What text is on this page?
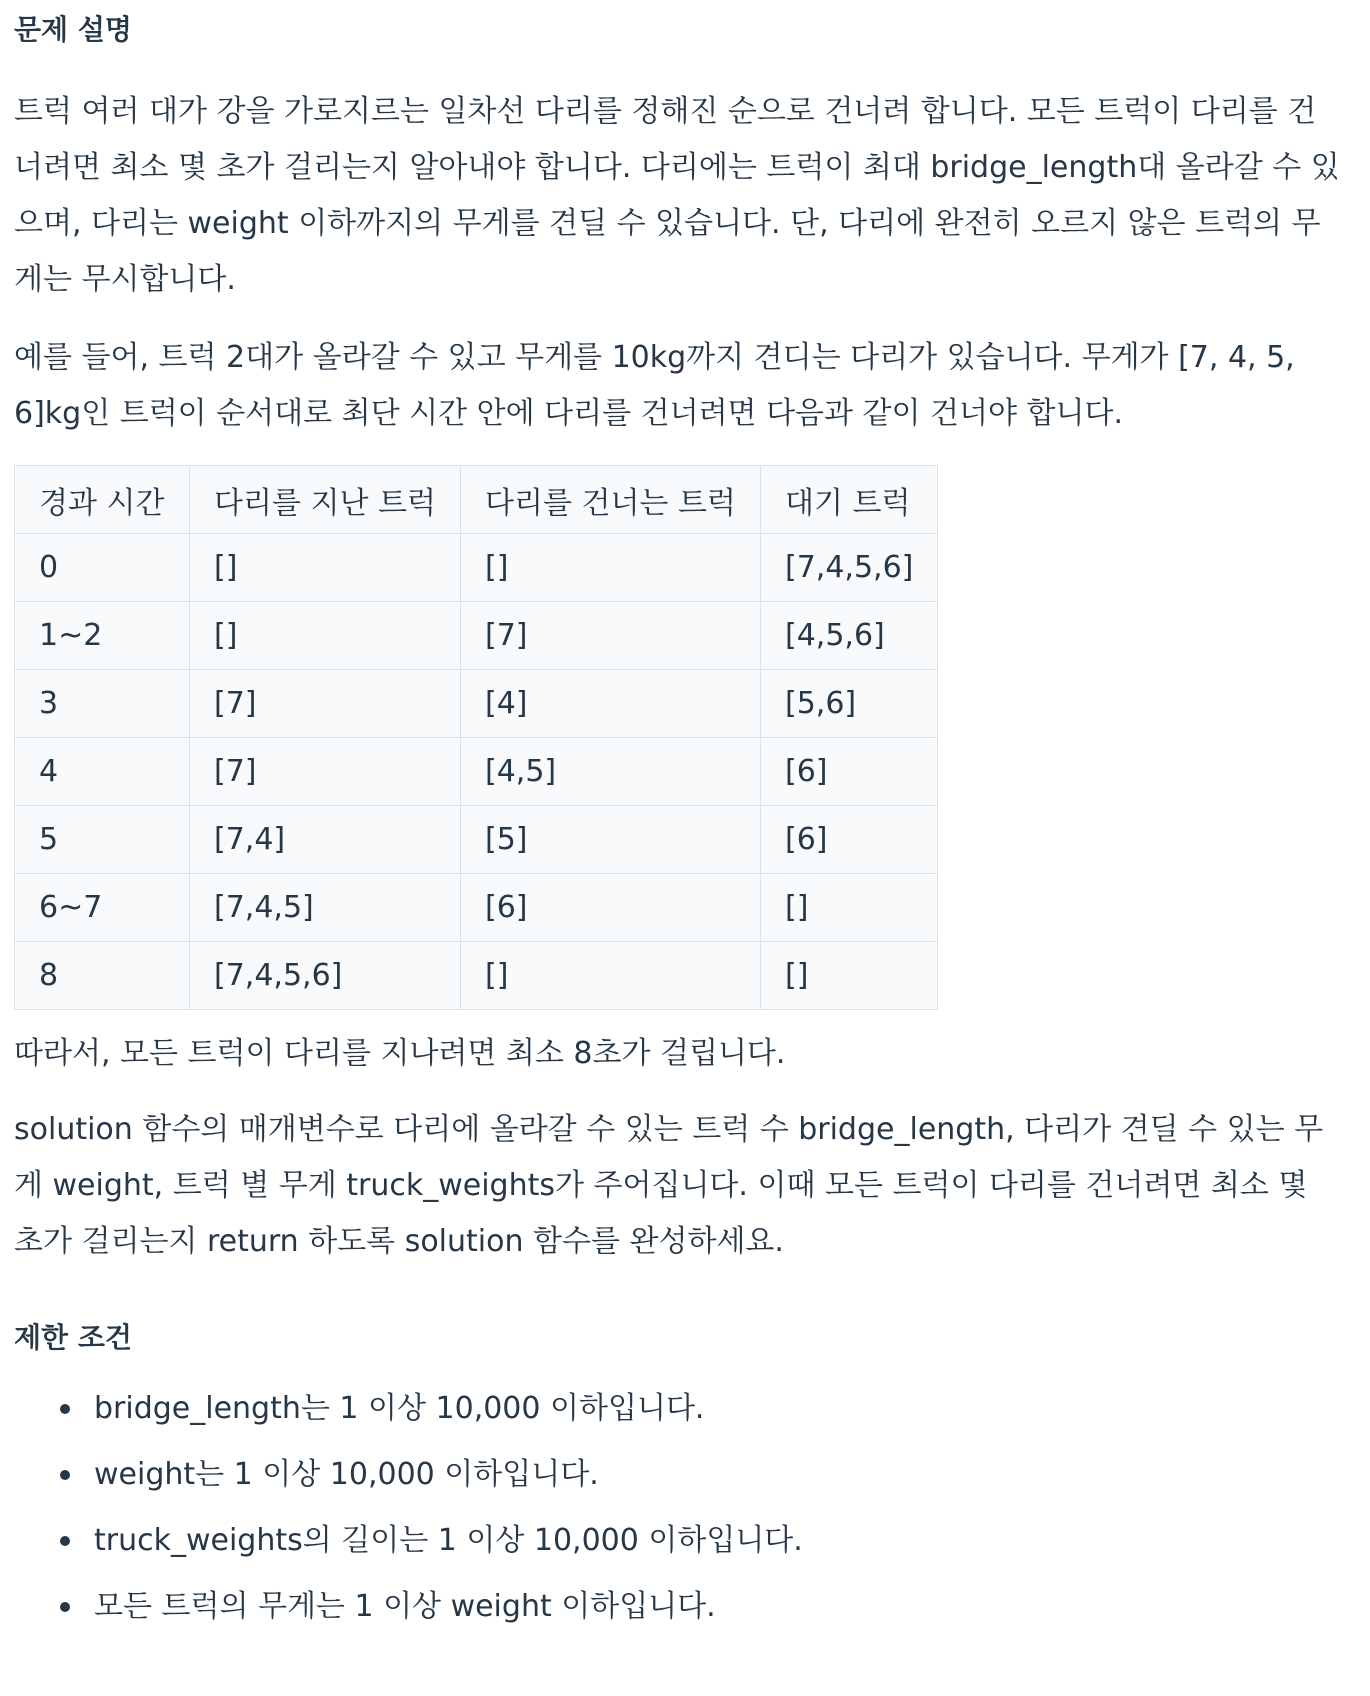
문제 설명

트럭 여러 대가 강을 가로지르는 일차선 다리를 정해진 순으로 건너려 합니다. 모든 트럭이 다리를 건너려면 최소 몇 초가 걸리는지 알아내야 합니다. 다리에는 트럭이 최대 bridge_length대 올라갈 수 있으며, 다리는 weight 이하까지의 무게를 견딜 수 있습니다. 단, 다리에 완전히 오르지 않은 트럭의 무게는 무시합니다.

예를 들어, 트럭 2대가 올라갈 수 있고 무게를 10kg까지 견디는 다리가 있습니다. 무게가 [7, 4, 5, 6]kg인 트럭이 순서대로 최단 시간 안에 다리를 건너려면 다음과 같이 건너야 합니다.

경과 시간	다리를 지난 트럭	다리를 건너는 트럭	대기 트럭
0	[]	[]	[7,4,5,6]
1~2	[]	[7]	[4,5,6]
3	[7]	[4]	[5,6]
4	[7]	[4,5]	[6]
5	[7,4]	[5]	[6]
6~7	[7,4,5]	[6]	[]
8	[7,4,5,6]	[]	[]

따라서, 모든 트럭이 다리를 지나려면 최소 8초가 걸립니다.

solution 함수의 매개변수로 다리에 올라갈 수 있는 트럭 수 bridge_length, 다리가 견딜 수 있는 무게 weight, 트럭 별 무게 truck_weights가 주어집니다. 이때 모든 트럭이 다리를 건너려면 최소 몇 초가 걸리는지 return 하도록 solution 함수를 완성하세요.

제한 조건
bridge_length는 1 이상 10,000 이하입니다.
weight는 1 이상 10,000 이하입니다.
truck_weights의 길이는 1 이상 10,000 이하입니다.
모든 트럭의 무게는 1 이상 weight 이하입니다.
